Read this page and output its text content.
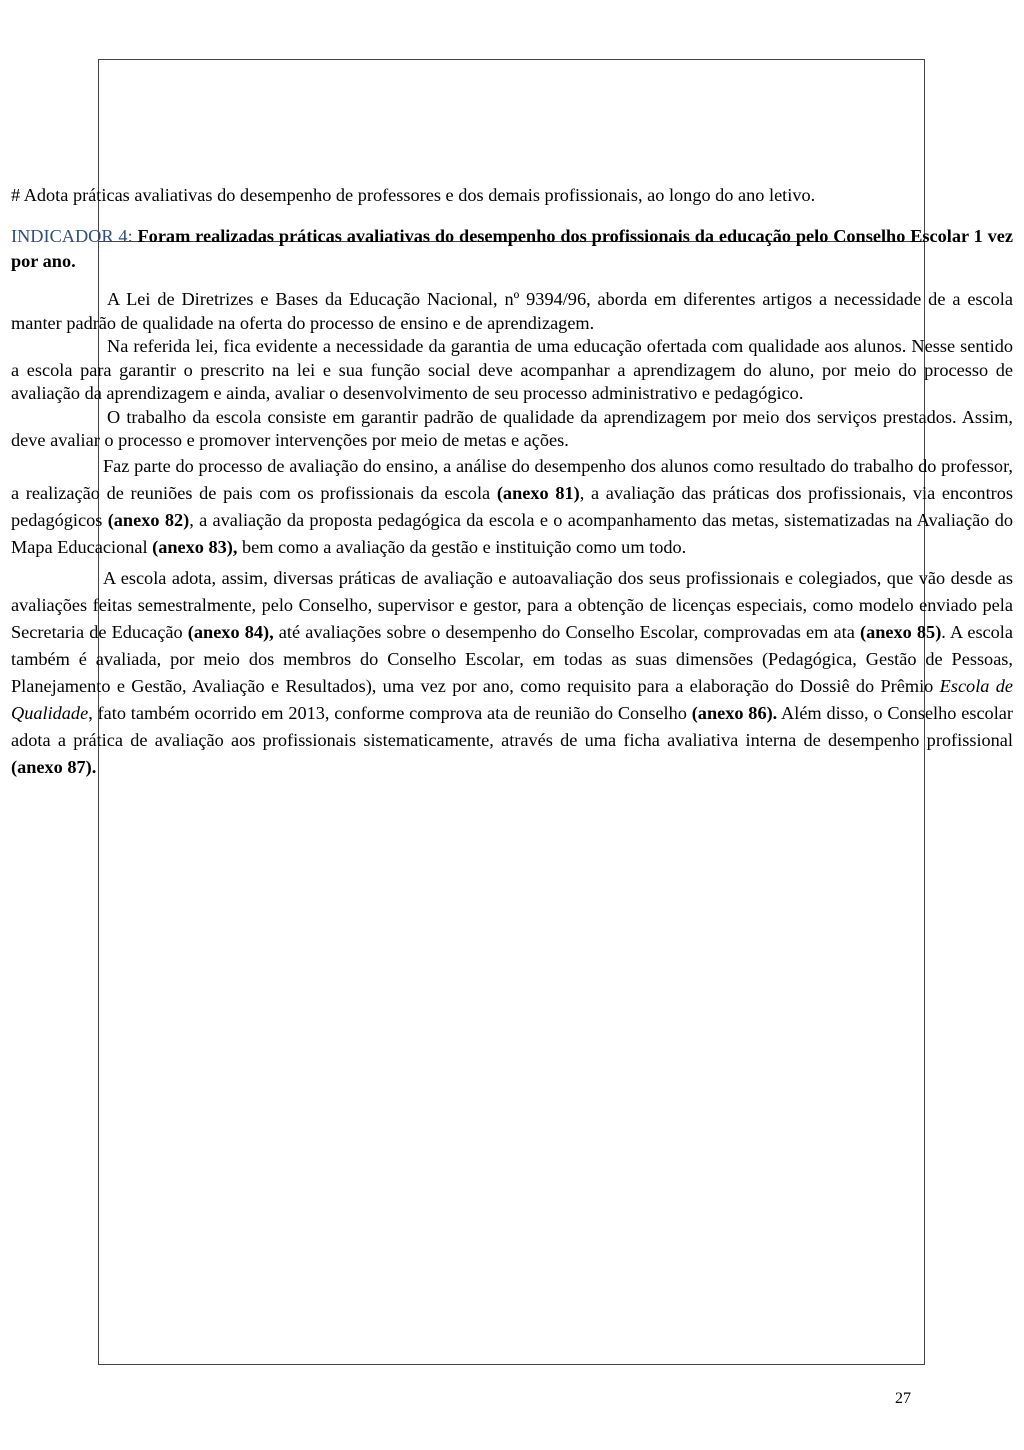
# Adota práticas avaliativas do desempenho de professores e dos demais profissionais, ao longo do ano letivo.

INDICADOR 4: Foram realizadas práticas avaliativas do desempenho dos profissionais da educação pelo Conselho Escolar 1 vez por ano.

A Lei de Diretrizes e Bases da Educação Nacional, nº 9394/96, aborda em diferentes artigos a necessidade de a escola manter padrão de qualidade na oferta do processo de ensino e de aprendizagem.

Na referida lei, fica evidente a necessidade da garantia de uma educação ofertada com qualidade aos alunos. Nesse sentido a escola para garantir o prescrito na lei e sua função social deve acompanhar a aprendizagem do aluno, por meio do processo de avaliação da aprendizagem e ainda, avaliar o desenvolvimento de seu processo administrativo e pedagógico.

O trabalho da escola consiste em garantir padrão de qualidade da aprendizagem por meio dos serviços prestados. Assim, deve avaliar o processo e promover intervenções por meio de metas e ações.

Faz parte do processo de avaliação do ensino, a análise do desempenho dos alunos como resultado do trabalho do professor, a realização de reuniões de pais com os profissionais da escola (anexo 81), a avaliação das práticas dos profissionais, via encontros pedagógicos (anexo 82), a avaliação da proposta pedagógica da escola e o acompanhamento das metas, sistematizadas na Avaliação do Mapa Educacional (anexo 83), bem como a avaliação da gestão e instituição como um todo.

A escola adota, assim, diversas práticas de avaliação e autoavaliação dos seus profissionais e colegiados, que vão desde as avaliações feitas semestralmente, pelo Conselho, supervisor e gestor, para a obtenção de licenças especiais, como modelo enviado pela Secretaria de Educação (anexo 84), até avaliações sobre o desempenho do Conselho Escolar, comprovadas em ata (anexo 85). A escola também é avaliada, por meio dos membros do Conselho Escolar, em todas as suas dimensões (Pedagógica, Gestão de Pessoas, Planejamento e Gestão, Avaliação e Resultados), uma vez por ano, como requisito para a elaboração do Dossiê do Prêmio Escola de Qualidade, fato também ocorrido em 2013, conforme comprova ata de reunião do Conselho (anexo 86). Além disso, o Conselho escolar adota a prática de avaliação aos profissionais sistematicamente, através de uma ficha avaliativa interna de desempenho profissional (anexo 87).

27
